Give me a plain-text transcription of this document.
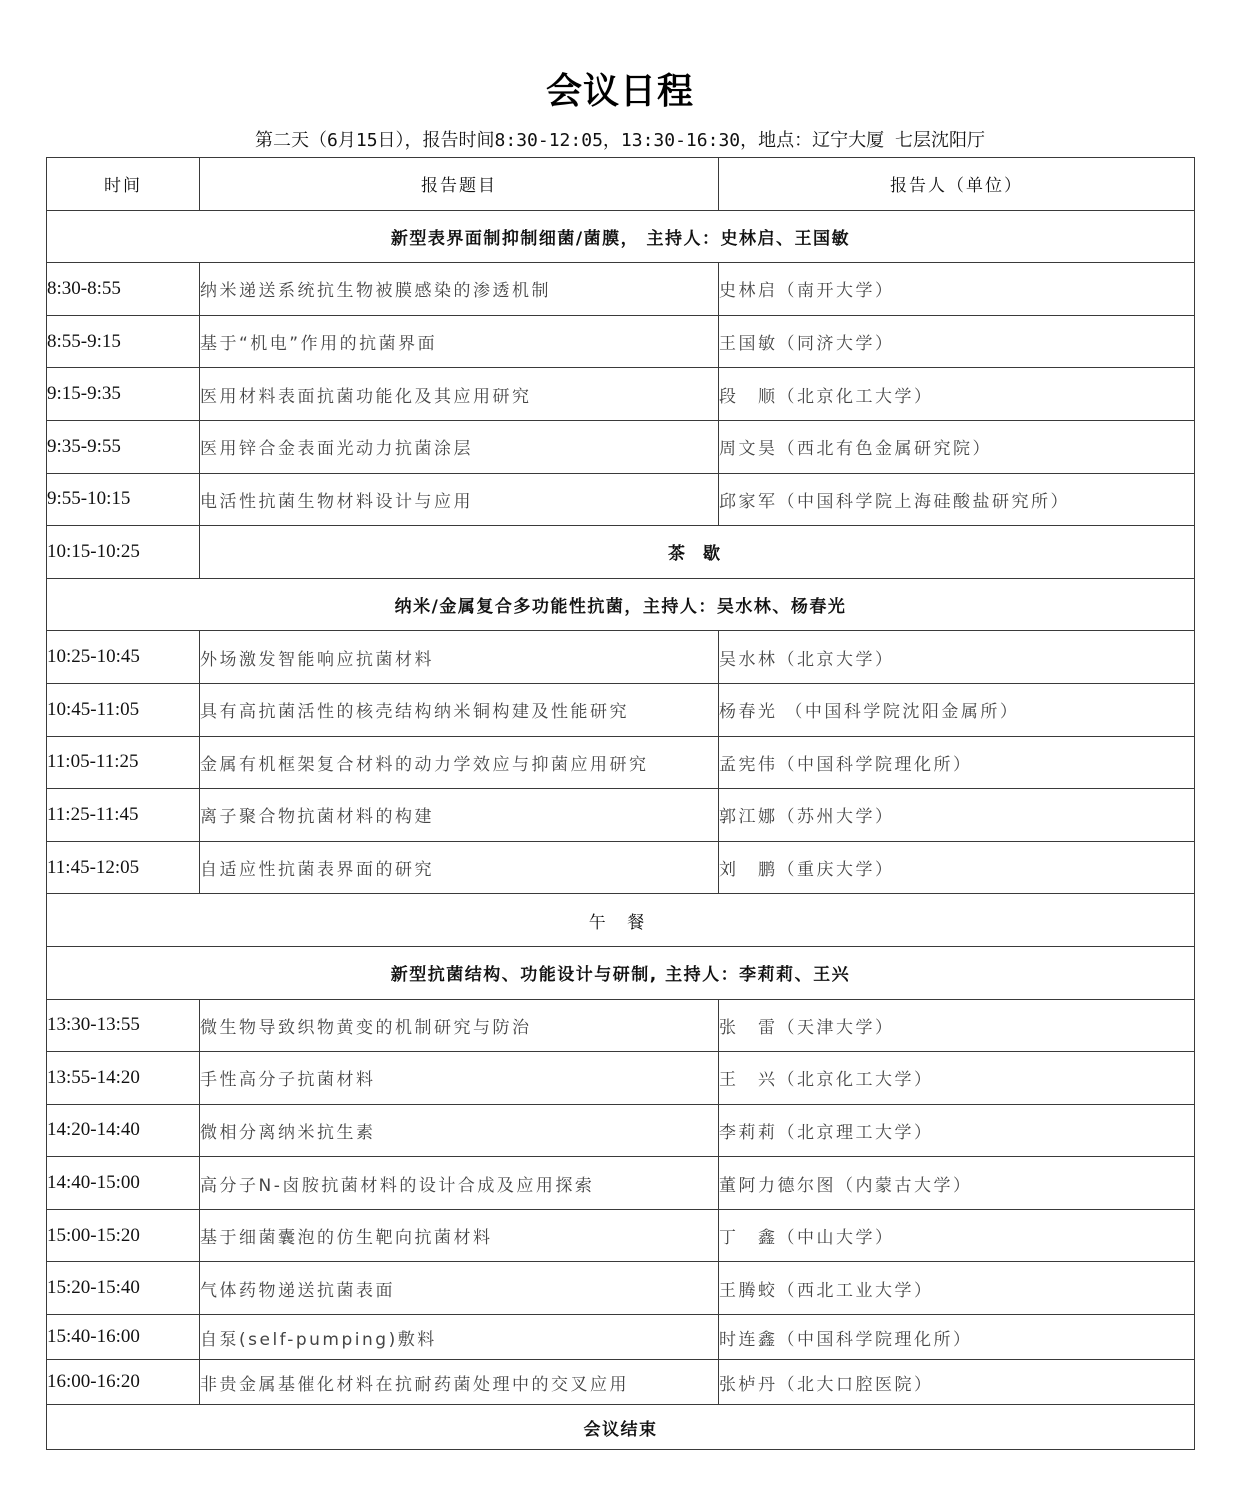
会议日程
第二天（6月15日），报告时间8:30-12:05，13:30-16:30，地点：辽宁大厦 七层沈阳厅
时间	报告题目	报告人（单位）
新型表界面制抑制细菌/菌膜， 主持人：史林启、王国敏		
8:30-8:55	纳米递送系统抗生物被膜感染的渗透机制	史林启（南开大学）
8:55-9:15	基于“机电”作用的抗菌界面	王国敏（同济大学）
9:15-9:35	医用材料表面抗菌功能化及其应用研究	段　顺（北京化工大学）
9:35-9:55	医用锌合金表面光动力抗菌涂层	周文昊（西北有色金属研究院）
9:55-10:15	电活性抗菌生物材料设计与应用	邱家军（中国科学院上海硅酸盐研究所）
10:15-10:25	茶 歇	
纳米/金属复合多功能性抗菌，主持人：吴水林、杨春光		
10:25-10:45	外场激发智能响应抗菌材料	吴水林（北京大学）
10:45-11:05	具有高抗菌活性的核壳结构纳米铜构建及性能研究	杨春光 （中国科学院沈阳金属所）
11:05-11:25	金属有机框架复合材料的动力学效应与抑菌应用研究	孟宪伟（中国科学院理化所）
11:25-11:45	离子聚合物抗菌材料的构建	郭江娜（苏州大学）
11:45-12:05	自适应性抗菌表界面的研究	刘　鹏（重庆大学）
午 餐		
新型抗菌结构、功能设计与研制, 主持人：李莉莉、王兴		
13:30-13:55	微生物导致织物黄变的机制研究与防治	张　雷（天津大学）
13:55-14:20	手性高分子抗菌材料	王　兴（北京化工大学）
14:20-14:40	微相分离纳米抗生素	李莉莉（北京理工大学）
14:40-15:00	高分子N-卤胺抗菌材料的设计合成及应用探索	董阿力德尔图（内蒙古大学）
15:00-15:20	基于细菌囊泡的仿生靶向抗菌材料	丁　鑫（中山大学）
15:20-15:40	气体药物递送抗菌表面	王腾蛟（西北工业大学）
15:40-16:00	自泵(self-pumping)敷料	时连鑫（中国科学院理化所）
16:00-16:20	非贵金属基催化材料在抗耐药菌处理中的交叉应用	张栌丹（北大口腔医院）
会议结束		
